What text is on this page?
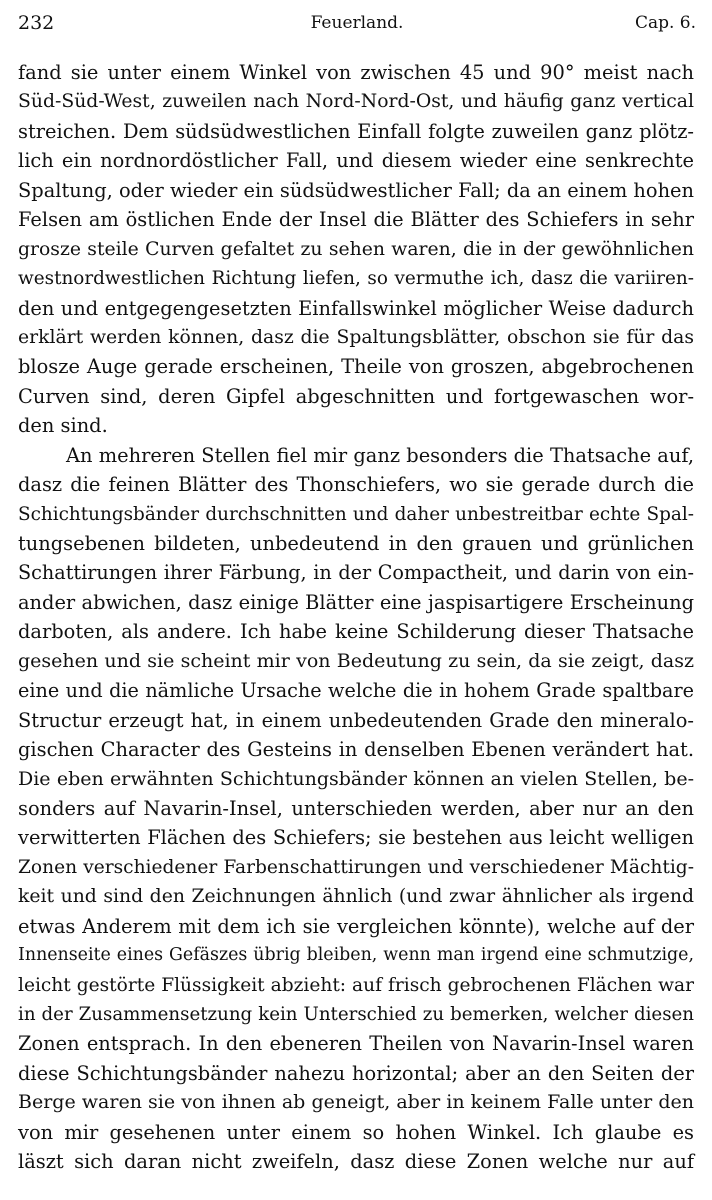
232	Feuerland.	Cap. 6.
fand sie unter einem Winkel von zwischen 45 und 90° meist nach
Süd-Süd-West, zuweilen nach Nord-Nord-Ost, und häufig ganz vertical
streichen. Dem südsüdwestlichen Einfall folgte zuweilen ganz plötz-
lich ein nordnordöstlicher Fall, und diesem wieder eine senkrechte
Spaltung, oder wieder ein südsüdwestlicher Fall; da an einem hohen
Felsen am östlichen Ende der Insel die Blätter des Schiefers in sehr
grosze steile Curven gefaltet zu sehen waren, die in der gewöhnlichen
westnordwestlichen Richtung liefen, so vermuthe ich, dasz die variiren-
den und entgegengesetzten Einfallswinkel möglicher Weise dadurch
erklärt werden können, dasz die Spaltungsblätter, obschon sie für das
blosze Auge gerade erscheinen, Theile von groszen, abgebrochenen
Curven sind, deren Gipfel abgeschnitten und fortgewaschen wor-
den sind.
An mehreren Stellen fiel mir ganz besonders die Thatsache auf,
dasz die feinen Blätter des Thonschiefers, wo sie gerade durch die
Schichtungsbänder durchschnitten und daher unbestreitbar echte Spal-
tungsebenen bildeten, unbedeutend in den grauen und grünlichen
Schattirungen ihrer Färbung, in der Compactheit, und darin von ein-
ander abwichen, dasz einige Blätter eine jaspisartigere Erscheinung
darboten, als andere. Ich habe keine Schilderung dieser Thatsache
gesehen und sie scheint mir von Bedeutung zu sein, da sie zeigt, dasz
eine und die nämliche Ursache welche die in hohem Grade spaltbare
Structur erzeugt hat, in einem unbedeutenden Grade den mineralo-
gischen Character des Gesteins in denselben Ebenen verändert hat.
Die eben erwähnten Schichtungsbänder können an vielen Stellen, be-
sonders auf Navarin-Insel, unterschieden werden, aber nur an den
verwitterten Flächen des Schiefers; sie bestehen aus leicht welligen
Zonen verschiedener Farbenschattirungen und verschiedener Mächtig-
keit und sind den Zeichnungen ähnlich (und zwar ähnlicher als irgend
etwas Anderem mit dem ich sie vergleichen könnte), welche auf der
Innenseite eines Gefäszes übrig bleiben, wenn man irgend eine schmutzige,
leicht gestörte Flüssigkeit abzieht: auf frisch gebrochenen Flächen war
in der Zusammensetzung kein Unterschied zu bemerken, welcher diesen
Zonen entsprach. In den ebeneren Theilen von Navarin-Insel waren
diese Schichtungsbänder nahezu horizontal; aber an den Seiten der
Berge waren sie von ihnen ab geneigt, aber in keinem Falle unter den
von mir gesehenen unter einem so hohen Winkel. Ich glaube es
läszt sich daran nicht zweifeln, dasz diese Zonen welche nur auf
